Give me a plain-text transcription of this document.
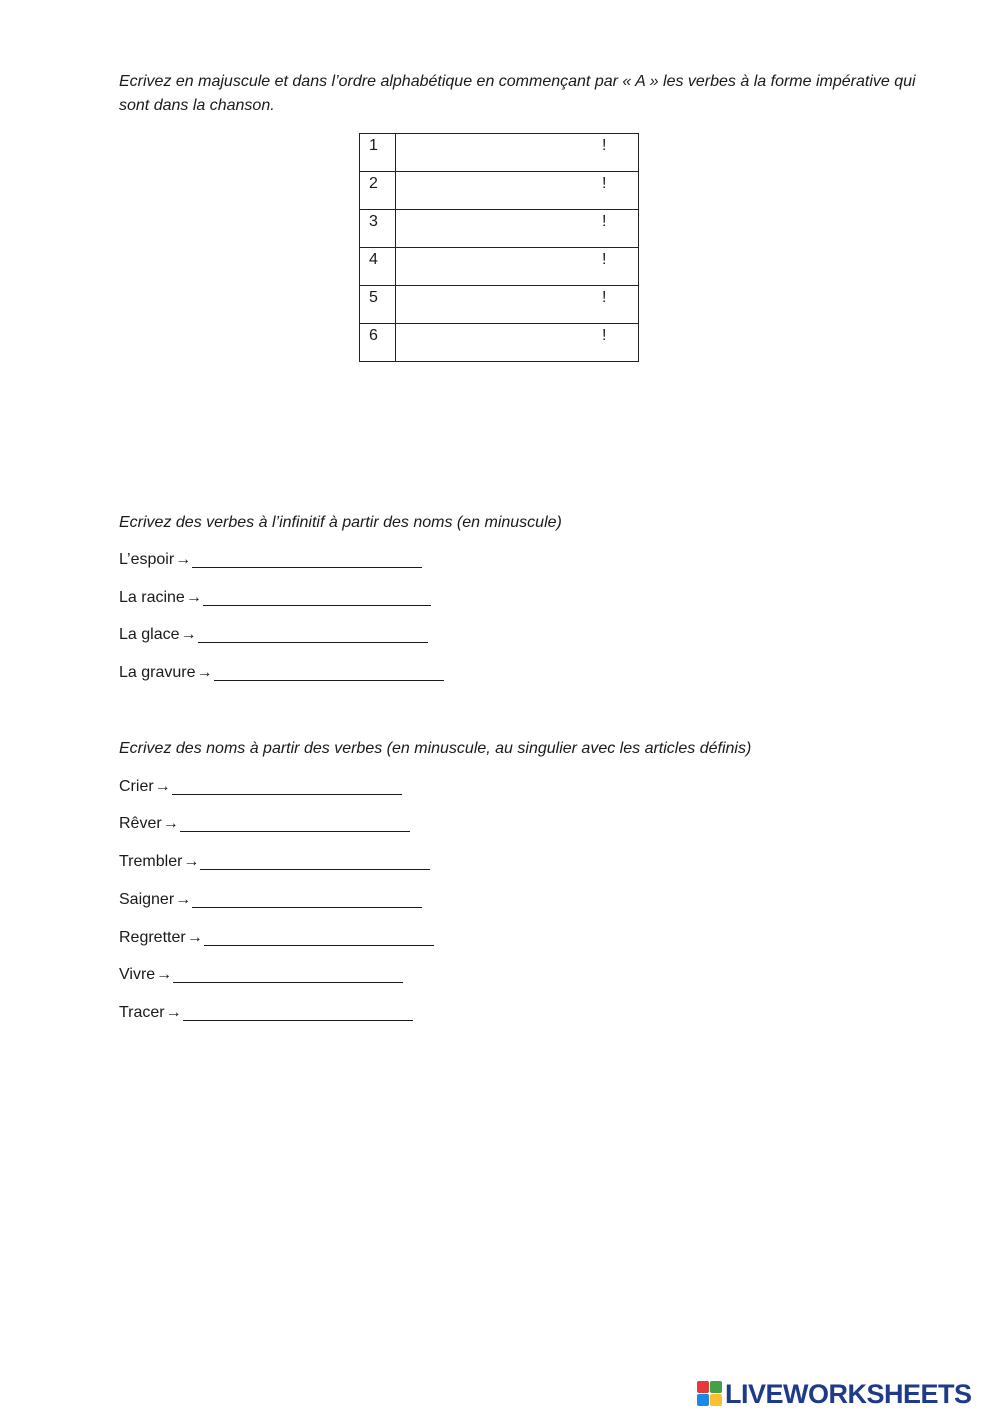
Ecrivez en majuscule et dans l’ordre alphabétique en commençant par « A » les verbes à la forme impérative qui sont dans la chanson.

1	!

2	!

3	!

4	!

5	!

6	!

Ecrivez des verbes à l’infinitif à partir des noms (en minuscule)

L’espoir →
La racine →
La glace →
La gravure →

Ecrivez des noms à partir des verbes (en minuscule, au singulier avec les articles définis)

Crier →
Rêver →
Trembler →
Saigner →
Regretter →
Vivre →
Tracer →
LIVEWORKSHEETS
